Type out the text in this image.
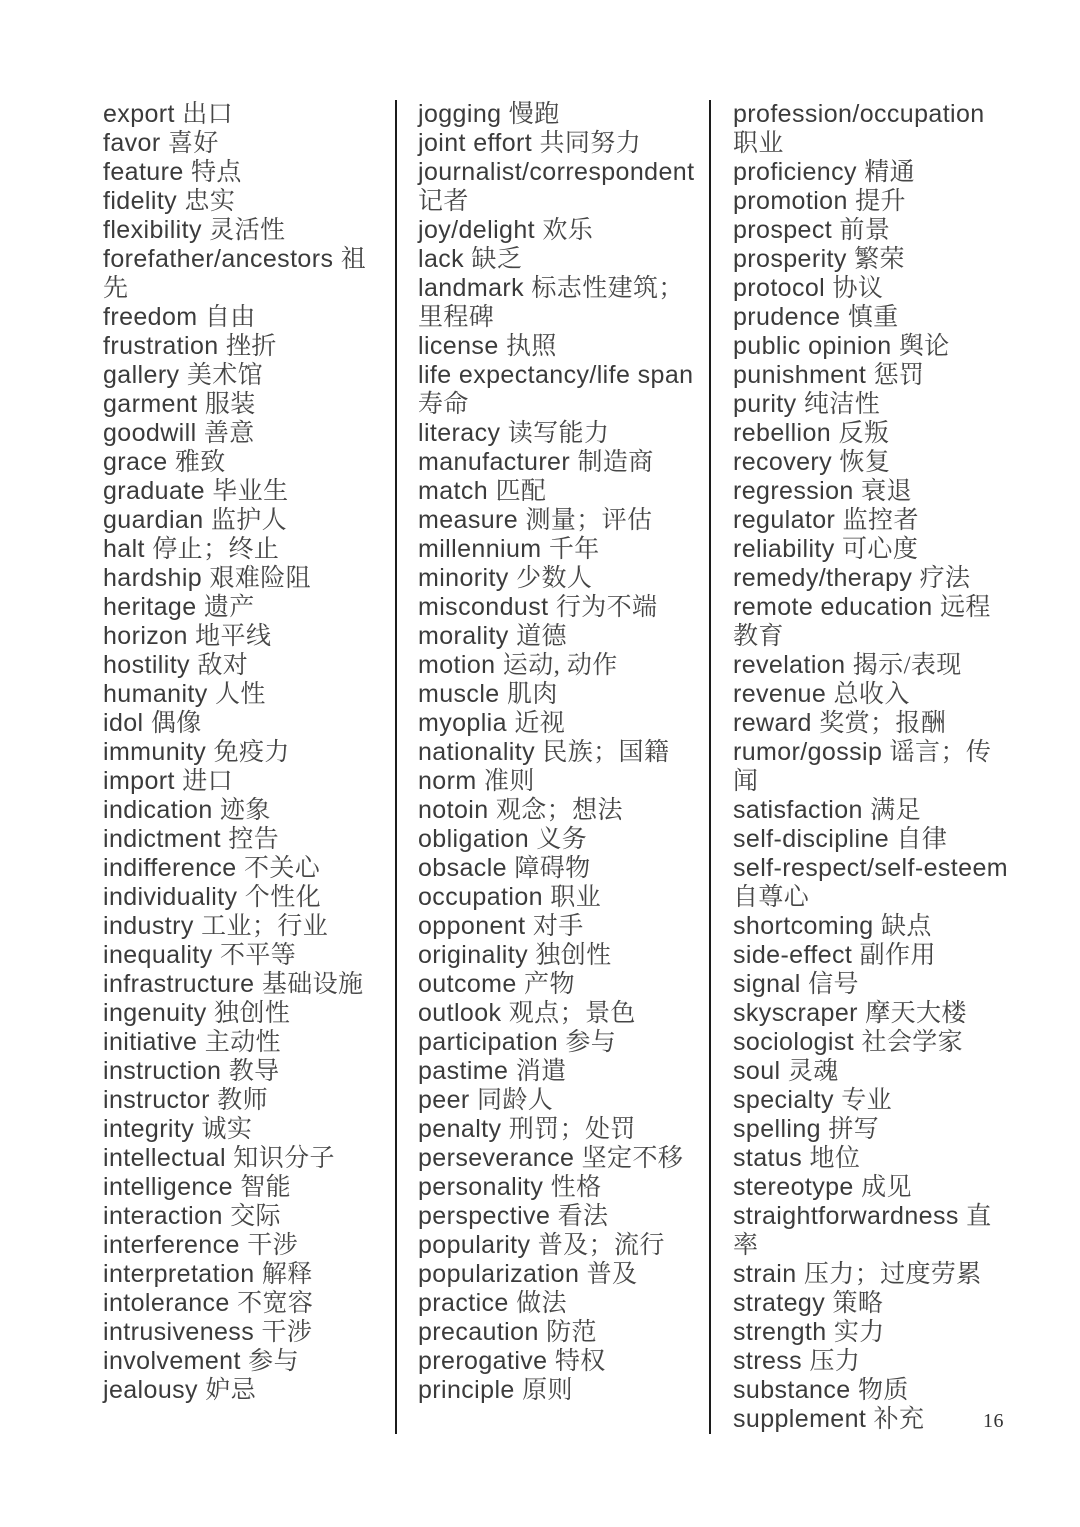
export 出口
favor 喜好
feature 特点
fidelity 忠实
flexibility 灵活性
forefather/ancestors 祖先
freedom 自由
frustration 挫折
gallery 美术馆
garment 服装
goodwill 善意
grace 雅致
graduate 毕业生
guardian 监护人
halt 停止；终止
hardship 艰难险阻
heritage 遗产
horizon 地平线
hostility 敌对
humanity 人性
idol 偶像
immunity 免疫力
import 进口
indication 迹象
indictment 控告
indifference 不关心
individuality 个性化
industry 工业；行业
inequality 不平等
infrastructure 基础设施
ingenuity 独创性
initiative 主动性
instruction 教导
instructor 教师
integrity 诚实
intellectual 知识分子
intelligence 智能
interaction 交际
interference 干涉
interpretation 解释
intolerance 不宽容
intrusiveness 干涉
involvement 参与
jealousy 妒忌
jogging 慢跑
joint effort 共同努力
journalist/correspondent 记者
joy/delight 欢乐
lack 缺乏
landmark 标志性建筑；里程碑
license 执照
life expectancy/life span 寿命
literacy 读写能力
manufacturer 制造商
match 匹配
measure 测量；评估
millennium 千年
minority 少数人
miscondust 行为不端
morality 道德
motion 运动, 动作
muscle 肌肉
myoplia 近视
nationality 民族；国籍
norm 准则
notoin 观念；想法
obligation 义务
obsacle 障碍物
occupation 职业
opponent 对手
originality 独创性
outcome 产物
outlook 观点；景色
participation 参与
pastime 消遣
peer 同龄人
penalty 刑罚；处罚
perseverance 坚定不移
personality 性格
perspective 看法
popularity 普及；流行
popularization 普及
practice 做法
precaution 防范
prerogative 特权
principle 原则
profession/occupation 职业
proficiency 精通
promotion 提升
prospect 前景
prosperity 繁荣
protocol 协议
prudence 慎重
public opinion 舆论
punishment 惩罚
purity 纯洁性
rebellion 反叛
recovery 恢复
regression 衰退
regulator 监控者
reliability 可心度
remedy/therapy 疗法
remote education 远程教育
revelation 揭示/表现
revenue 总收入
reward 奖赏；报酬
rumor/gossip 谣言；传闻
satisfaction 满足
self-discipline 自律
self-respect/self-esteem 自尊心
shortcoming 缺点
side-effect 副作用
signal 信号
skyscraper 摩天大楼
sociologist 社会学家
soul 灵魂
specialty 专业
spelling 拼写
status 地位
stereotype 成见
straightforwardness 直率
strain 压力；过度劳累
strategy 策略
strength 实力
stress 压力
substance 物质
supplement 补充	16
